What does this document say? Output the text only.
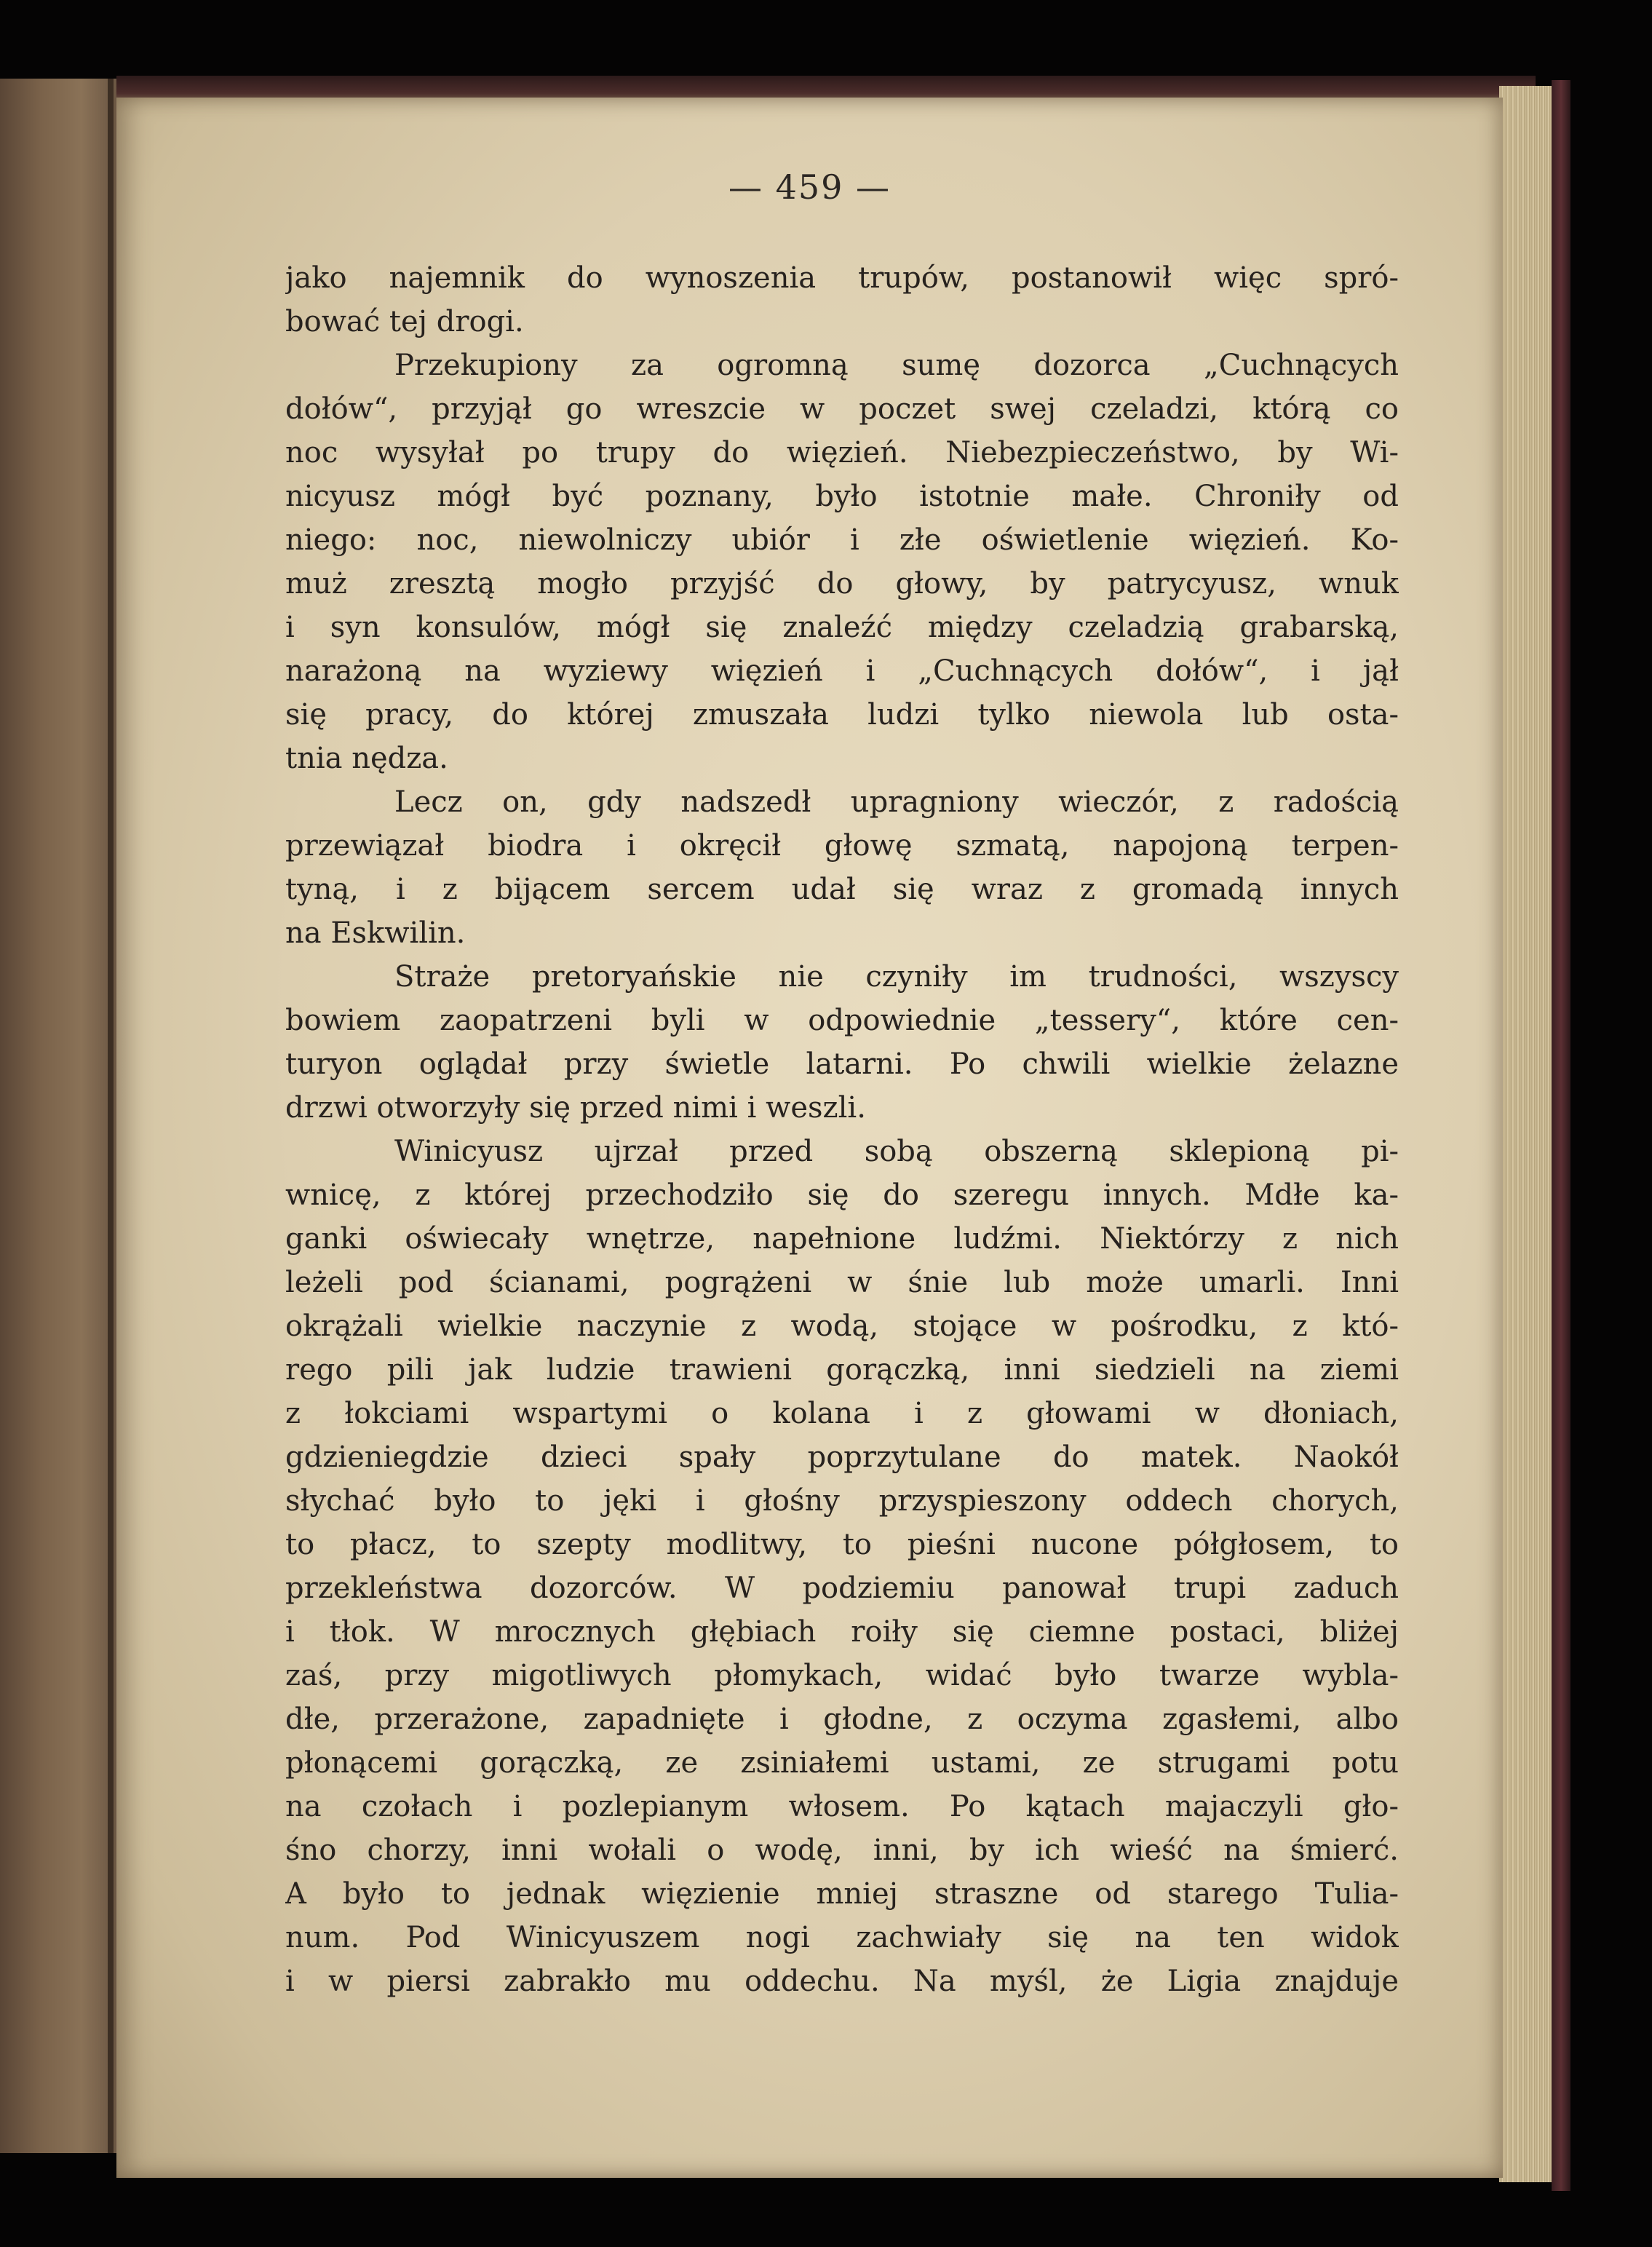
— 459 —
jako najemnik do wynoszenia trupów, postanowił więc spró-
bować tej drogi.
Przekupiony za ogromną sumę dozorca „Cuchnących
dołów“, przyjął go wreszcie w poczet swej czeladzi, którą co
noc wysyłał po trupy do więzień. Niebezpieczeństwo, by Wi-
nicyusz mógł być poznany, było istotnie małe. Chroniły od
niego: noc, niewolniczy ubiór i złe oświetlenie więzień. Ko-
muż zresztą mogło przyjść do głowy, by patrycyusz, wnuk
i syn konsulów, mógł się znaleźć między czeladzią grabarską,
narażoną na wyziewy więzień i „Cuchnących dołów“, i jął
się pracy, do której zmuszała ludzi tylko niewola lub osta-
tnia nędza.
Lecz on, gdy nadszedł upragniony wieczór, z radością
przewiązał biodra i okręcił głowę szmatą, napojoną terpen-
tyną, i z bijącem sercem udał się wraz z gromadą innych
na Eskwilin.
Straże pretoryańskie nie czyniły im trudności, wszyscy
bowiem zaopatrzeni byli w odpowiednie „tessery“, które cen-
turyon oglądał przy świetle latarni. Po chwili wielkie żelazne
drzwi otworzyły się przed nimi i weszli.
Winicyusz ujrzał przed sobą obszerną sklepioną pi-
wnicę, z której przechodziło się do szeregu innych. Mdłe ka-
ganki oświecały wnętrze, napełnione ludźmi. Niektórzy z nich
leżeli pod ścianami, pogrążeni w śnie lub może umarli. Inni
okrążali wielkie naczynie z wodą, stojące w pośrodku, z któ-
rego pili jak ludzie trawieni gorączką, inni siedzieli na ziemi
z łokciami wspartymi o kolana i z głowami w dłoniach,
gdzieniegdzie dzieci spały poprzytulane do matek. Naokół
słychać było to jęki i głośny przyspieszony oddech chorych,
to płacz, to szepty modlitwy, to pieśni nucone półgłosem, to
przekleństwa dozorców. W podziemiu panował trupi zaduch
i tłok. W mrocznych głębiach roiły się ciemne postaci, bliżej
zaś, przy migotliwych płomykach, widać było twarze wybla-
dłe, przerażone, zapadnięte i głodne, z oczyma zgasłemi, albo
płonącemi gorączką, ze zsiniałemi ustami, ze strugami potu
na czołach i pozlepianym włosem. Po kątach majaczyli gło-
śno chorzy, inni wołali o wodę, inni, by ich wieść na śmierć.
A było to jednak więzienie mniej straszne od starego Tulia-
num. Pod Winicyuszem nogi zachwiały się na ten widok
i w piersi zabrakło mu oddechu. Na myśl, że Ligia znajduje
